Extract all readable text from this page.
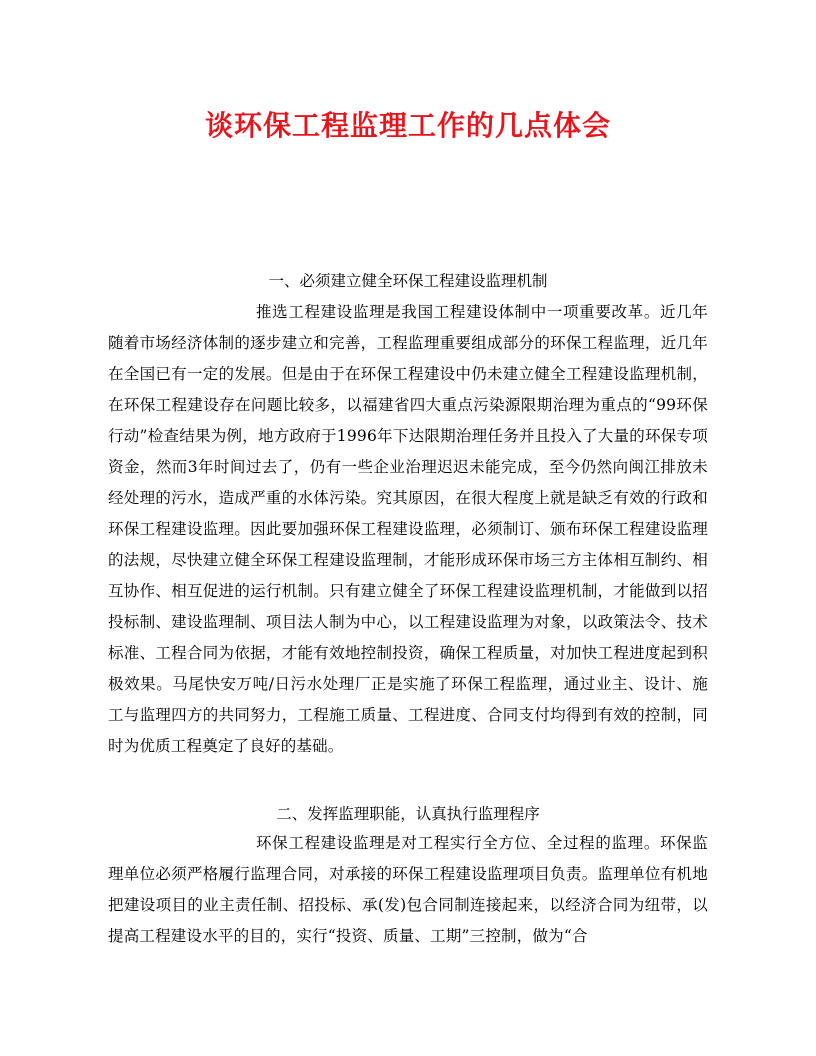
谈环保工程监理工作的几点体会
一、必须建立健全环保工程建设监理机制
推选工程建设监理是我国工程建设体制中一项重要改革。近几年随着市场经济体制的逐步建立和完善，工程监理重要组成部分的环保工程监理，近几年在全国已有一定的发展。但是由于在环保工程建设中仍未建立健全工程建设监理机制，在环保工程建设存在问题比较多，以福建省四大重点污染源限期治理为重点的“99环保行动”检查结果为例，地方政府于1996年下达限期治理任务并且投入了大量的环保专项资金，然而3年时间过去了，仍有一些企业治理迟迟未能完成，至今仍然向闽江排放未经处理的污水，造成严重的水体污染。究其原因，在很大程度上就是缺乏有效的行政和环保工程建设监理。因此要加强环保工程建设监理，必须制订、颁布环保工程建设监理的法规，尽快建立健全环保工程建设监理制，才能形成环保市场三方主体相互制约、相互协作、相互促进的运行机制。只有建立健全了环保工程建设监理机制，才能做到以招投标制、建设监理制、项目法人制为中心，以工程建设监理为对象，以政策法令、技术标准、工程合同为依据，才能有效地控制投资，确保工程质量，对加快工程进度起到积极效果。马尾快安万吨/日污水处理厂正是实施了环保工程监理，通过业主、设计、施工与监理四方的共同努力，工程施工质量、工程进度、合同支付均得到有效的控制，同时为优质工程奠定了良好的基础。
二、发挥监理职能，认真执行监理程序
环保工程建设监理是对工程实行全方位、全过程的监理。环保监理单位必须严格履行监理合同，对承接的环保工程建设监理项目负责。监理单位有机地把建设项目的业主责任制、招投标、承(发)包合同制连接起来，以经济合同为纽带，以提高工程建设水平的目的，实行“投资、质量、工期”三控制，做为“合
